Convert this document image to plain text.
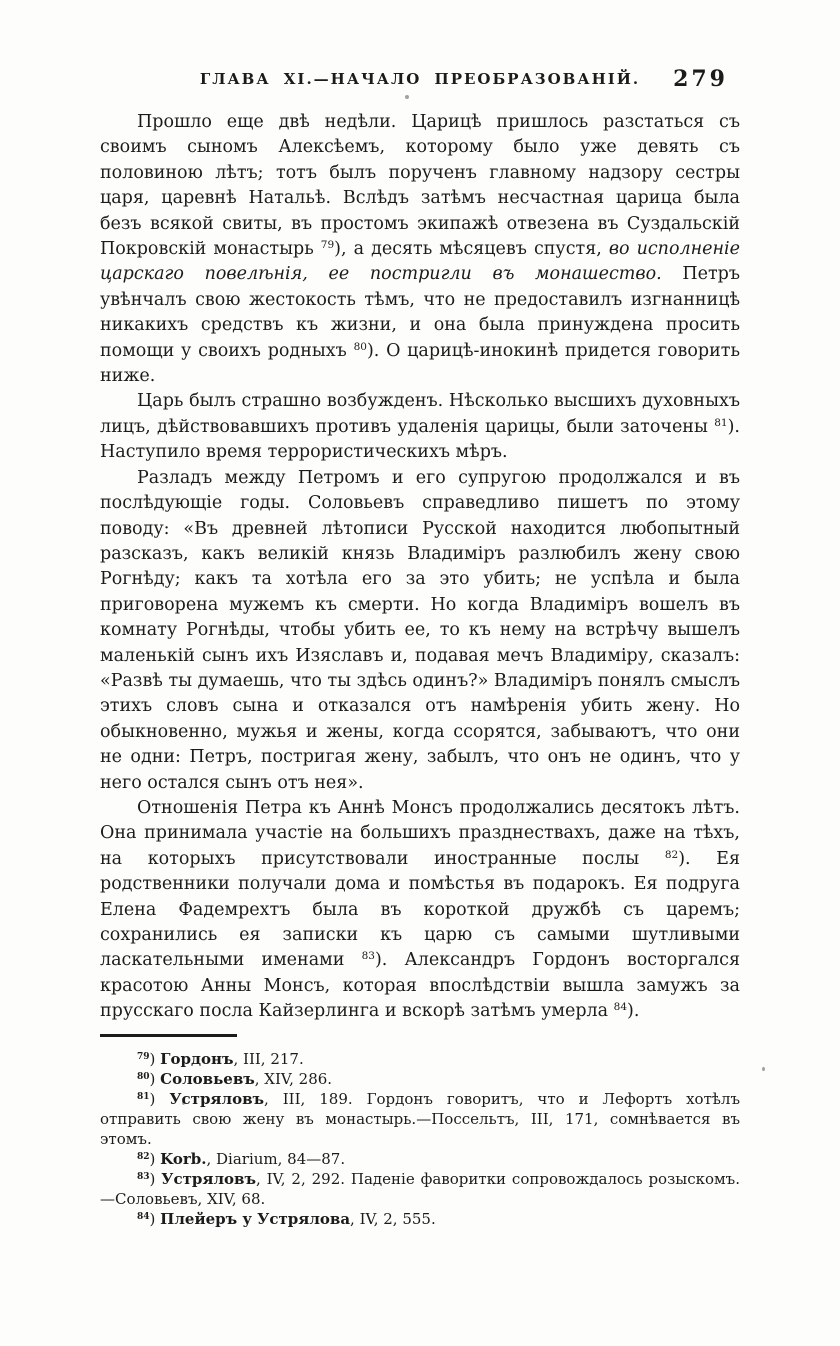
ГЛАВА XI.—НАЧАЛО ПРЕОБРАЗОВАНІЙ.	279

Прошло еще двѣ недѣли. Царицѣ пришлось разстаться съ своимъ сыномъ Алексѣемъ, которому было уже девять съ половиною лѣтъ; тотъ былъ порученъ главному надзору сестры царя, царевнѣ Натальѣ. Вслѣдъ затѣмъ несчастная царица была безъ всякой свиты, въ простомъ экипажѣ отвезена въ Суздальскій Покровскій монастырь $^{79}$), а десять мѣсяцевъ спустя, во исполненіе царскаго повелѣнія, ее постригли въ монашество. Петръ увѣнчалъ свою жестокость тѣмъ, что не предоставилъ изгнанницѣ никакихъ средствъ къ жизни, и она была принуждена просить помощи у своихъ родныхъ $^{80}$). О царицѣ-инокинѣ придется говорить ниже.

Царь былъ страшно возбужденъ. Нѣсколько высшихъ духовныхъ лицъ, дѣйствовавшихъ противъ удаленія царицы, были заточены $^{81}$). Наступило время террористическихъ мѣръ.

Разладъ между Петромъ и его супругою продолжался и въ послѣдующіе годы. Соловьевъ справедливо пишетъ по этому поводу: «Въ древней лѣтописи Русской находится любопытный разсказъ, какъ великій князь Владиміръ разлюбилъ жену свою Рогнѣду; какъ та хотѣла его за это убить; не успѣла и была приговорена мужемъ къ смерти. Но когда Владиміръ вошелъ въ комнату Рогнѣды, чтобы убить ее, то къ нему на встрѣчу вышелъ маленькій сынъ ихъ Изяславъ и, подавая мечъ Владиміру, сказалъ: «Развѣ ты думаешь, что ты здѣсь одинъ?» Владиміръ понялъ смыслъ этихъ словъ сына и отказался отъ намѣренія убить жену. Но обыкновенно, мужья и жены, когда ссорятся, забываютъ, что они не одни: Петръ, постригая жену, забылъ, что онъ не одинъ, что у него остался сынъ отъ нея».

Отношенія Петра къ Аннѣ Монсъ продолжались десятокъ лѣтъ. Она принимала участіе на большихъ празднествахъ, даже на тѣхъ, на которыхъ присутствовали иностранные послы $^{82}$). Ея родственники получали дома и помѣстья въ подарокъ. Ея подруга Елена Фадемрехтъ была въ короткой дружбѣ съ царемъ; сохранились ея записки къ царю съ самыми шутливыми ласкательными именами $^{83}$). Александръ Гордонъ восторгался красотою Анны Монсъ, которая впослѣдствіи вышла замужъ за прусскаго посла Кайзерлинга и вскорѣ затѣмъ умерла $^{84}$).

$^{79}$) Гордонъ, III, 217.

$^{80}$) Соловьевъ, XIV, 286.

$^{81}$) Устряловъ, III, 189. Гордонъ говоритъ, что и Лефортъ хотѣлъ отправить свою жену въ монастырь.—Поссельтъ, III, 171, сомнѣвается въ этомъ.

$^{82}$) Korb., Diarium, 84—87.

$^{83}$) Устряловъ, IV, 2, 292. Паденіе фаворитки сопровождалось розыскомъ.—Соловьевъ, XIV, 68.

$^{84}$) Плейеръ у Устрялова, IV, 2, 555.
